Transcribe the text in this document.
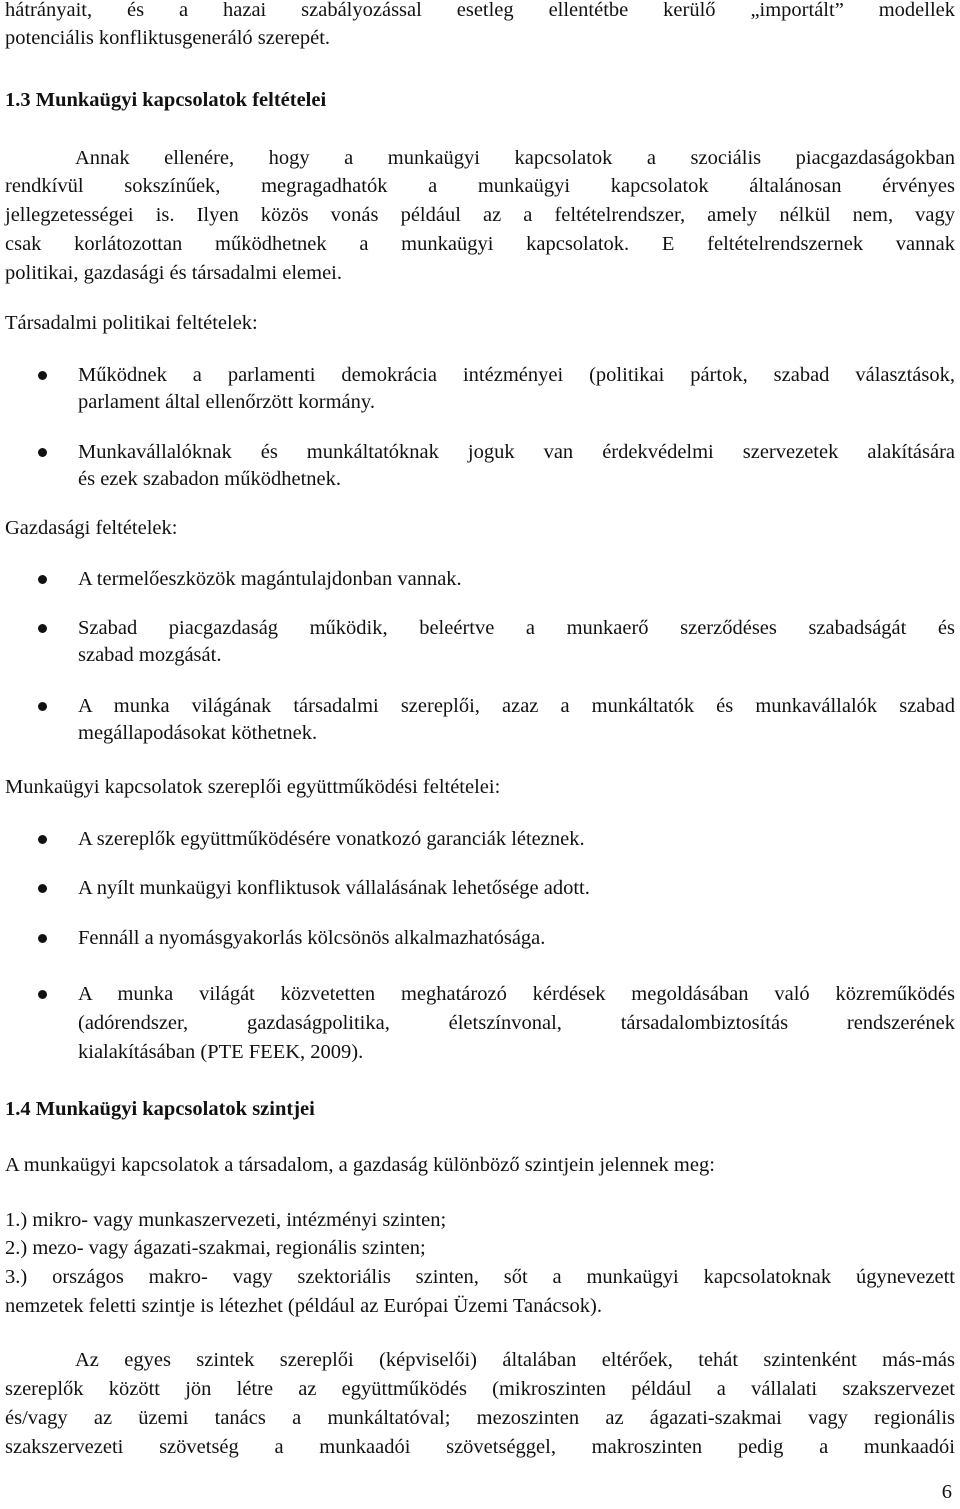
hátrányait, és a hazai szabályozással esetleg ellentétbe kerülő „importált” modellek

potenciális konfliktusgeneráló szerepét.

1.3 Munkaügyi kapcsolatok feltételei

Annak ellenére, hogy a munkaügyi kapcsolatok a szociális piacgazdaságokban

rendkívül sokszínűek, megragadhatók a munkaügyi kapcsolatok általánosan érvényes

jellegzetességei is. Ilyen közös vonás például az a feltételrendszer, amely nélkül nem, vagy

csak korlátozottan működhetnek a munkaügyi kapcsolatok. E feltételrendszernek vannak

politikai, gazdasági és társadalmi elemei.

Társadalmi politikai feltételek:

Működnek a parlamenti demokrácia intézményei (politikai pártok, szabad választások,

parlament által ellenőrzött kormány.

Munkavállalóknak és munkáltatóknak joguk van érdekvédelmi szervezetek alakítására

és ezek szabadon működhetnek.

Gazdasági feltételek:

A termelőeszközök magántulajdonban vannak.

Szabad piacgazdaság működik, beleértve a munkaerő szerződéses szabadságát és

szabad mozgását.

A munka világának társadalmi szereplői, azaz a munkáltatók és munkavállalók szabad

megállapodásokat köthetnek.

Munkaügyi kapcsolatok szereplői együttműködési feltételei:

A szereplők együttműködésére vonatkozó garanciák léteznek.

A nyílt munkaügyi konfliktusok vállalásának lehetősége adott.

Fennáll a nyomásgyakorlás kölcsönös alkalmazhatósága.

A munka világát közvetetten meghatározó kérdések megoldásában való közreműködés

(adórendszer, gazdaságpolitika, életszínvonal, társadalombiztosítás rendszerének

kialakításában (PTE FEEK, 2009).

1.4 Munkaügyi kapcsolatok szintjei

A munkaügyi kapcsolatok a társadalom, a gazdaság különböző szintjein jelennek meg:

1.) mikro- vagy munkaszervezeti, intézményi szinten;

2.) mezo- vagy ágazati-szakmai, regionális szinten;

3.) országos makro- vagy szektoriális szinten, sőt a munkaügyi kapcsolatoknak úgynevezett

nemzetek feletti szintje is létezhet (például az Európai Üzemi Tanácsok).

Az egyes szintek szereplői (képviselői) általában eltérőek, tehát szintenként más-más

szereplők között jön létre az együttműködés (mikroszinten például a vállalati szakszervezet

és/vagy az üzemi tanács a munkáltatóval; mezoszinten az ágazati-szakmai vagy regionális

szakszervezeti szövetség a munkaadói szövetséggel, makroszinten pedig a munkaadói

6
